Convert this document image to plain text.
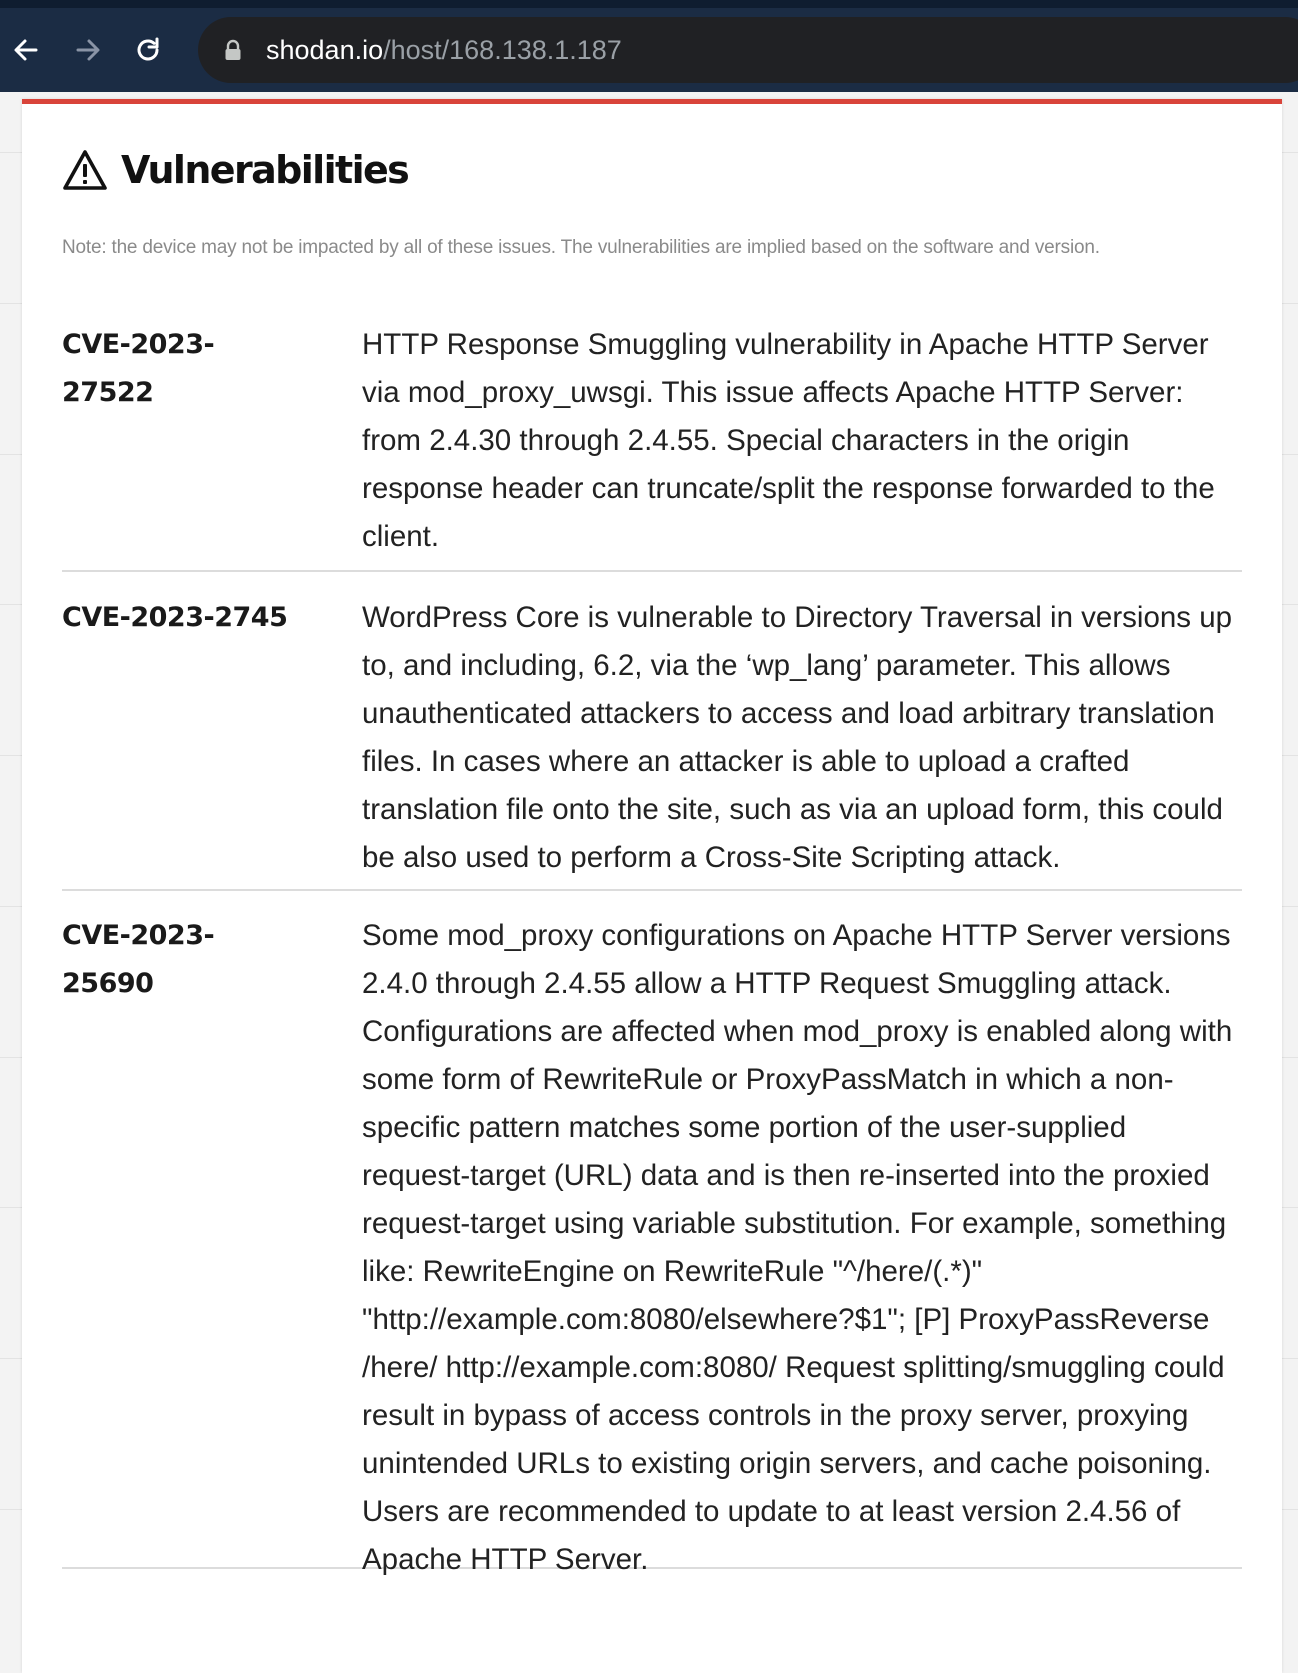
shodan.io/host/168.138.1.187
Vulnerabilities
Note: the device may not be impacted by all of these issues. The vulnerabilities are implied based on the software and version.
CVE-2023-
27522
HTTP Response Smuggling vulnerability in Apache HTTP Server via mod_proxy_uwsgi. This issue affects Apache HTTP Server: from 2.4.30 through 2.4.55. Special characters in the origin response header can truncate/split the response forwarded to the client.
CVE-2023-2745	WordPress Core is vulnerable to Directory Traversal in versions up to, and including, 6.2, via the ‘wp_lang’ parameter. This allows unauthenticated attackers to access and load arbitrary translation files. In cases where an attacker is able to upload a crafted translation file onto the site, such as via an upload form, this could be also used to perform a Cross-Site Scripting attack.
CVE-2023-
25690
Some mod_proxy configurations on Apache HTTP Server versions 2.4.0 through 2.4.55 allow a HTTP Request Smuggling attack. Configurations are affected when mod_proxy is enabled along with some form of RewriteRule or ProxyPassMatch in which a non-specific pattern matches some portion of the user-supplied request-target (URL) data and is then re-inserted into the proxied request-target using variable substitution. For example, something like: RewriteEngine on RewriteRule "^/here/(.*)" "http://example.com:8080/elsewhere?$1"; [P] ProxyPassReverse /here/ http://example.com:8080/ Request splitting/smuggling could result in bypass of access controls in the proxy server, proxying unintended URLs to existing origin servers, and cache poisoning. Users are recommended to update to at least version 2.4.56 of Apache HTTP Server.
